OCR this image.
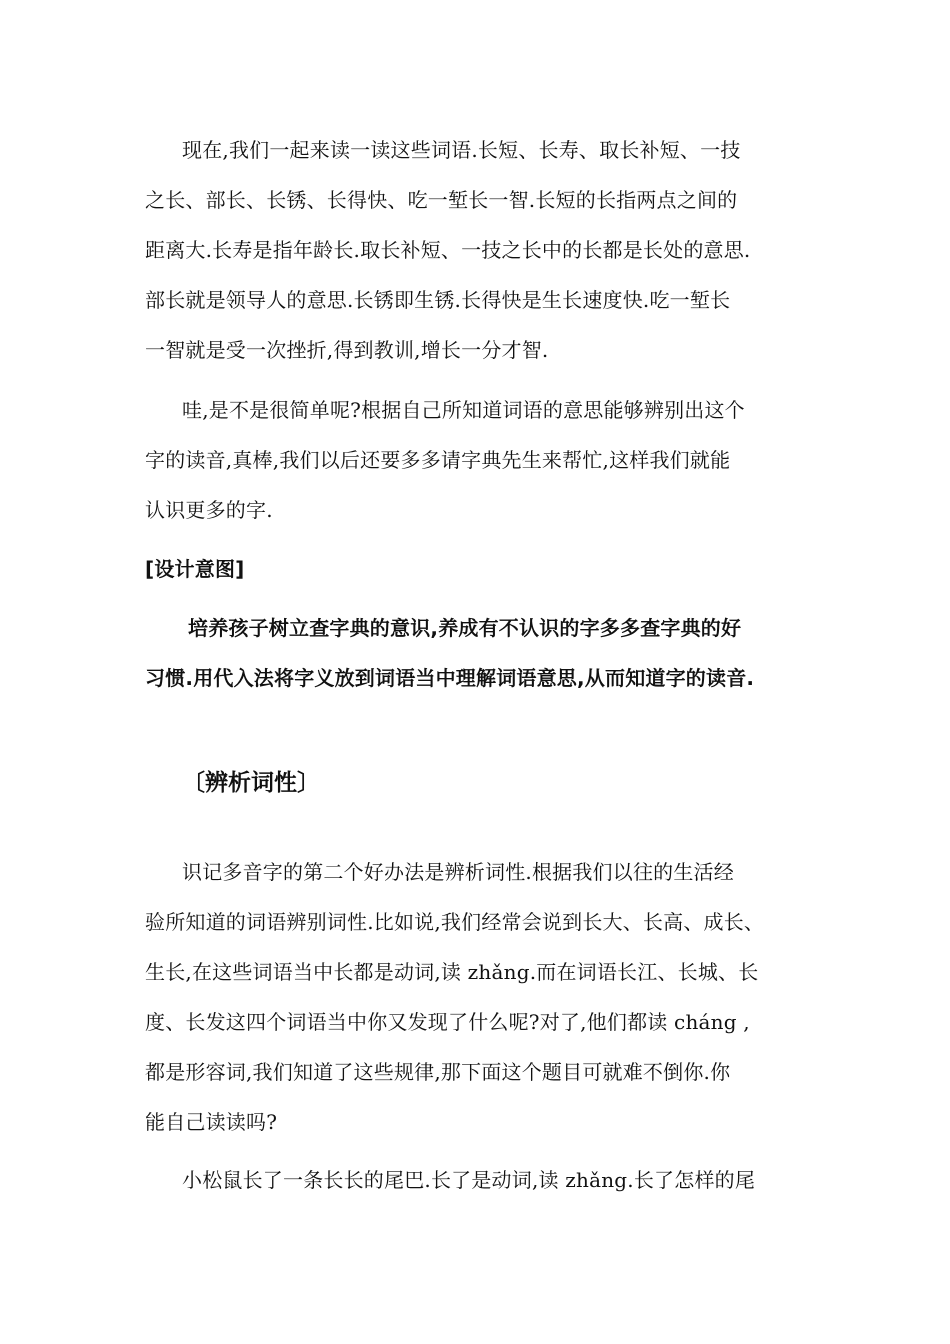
现在,我们一起来读一读这些词语.长短、长寿、取长补短、一技
之长、部长、长锈、长得快、吃一堑长一智.长短的长指两点之间的
距离大.长寿是指年龄长.取长补短、一技之长中的长都是长处的意思.
部长就是领导人的意思.长锈即生锈.长得快是生长速度快.吃一堑长
一智就是受一次挫折,得到教训,增长一分才智.
哇,是不是很简单呢?根据自己所知道词语的意思能够辨别出这个
字的读音,真棒,我们以后还要多多请字典先生来帮忙,这样我们就能
认识更多的字.
[设计意图]
培养孩子树立查字典的意识,养成有不认识的字多多查字典的好
习惯.用代入法将字义放到词语当中理解词语意思,从而知道字的读音.
〔辨析词性〕
识记多音字的第二个好办法是辨析词性.根据我们以往的生活经
验所知道的词语辨别词性.比如说,我们经常会说到长大、长高、成长、
生长,在这些词语当中长都是动词,读 zhǎng.而在词语长江、长城、长
度、长发这四个词语当中你又发现了什么呢?对了,他们都读 cháng ,
都是形容词,我们知道了这些规律,那下面这个题目可就难不倒你.你
能自己读读吗?
小松鼠长了一条长长的尾巴.长了是动词,读 zhǎng.长了怎样的尾
